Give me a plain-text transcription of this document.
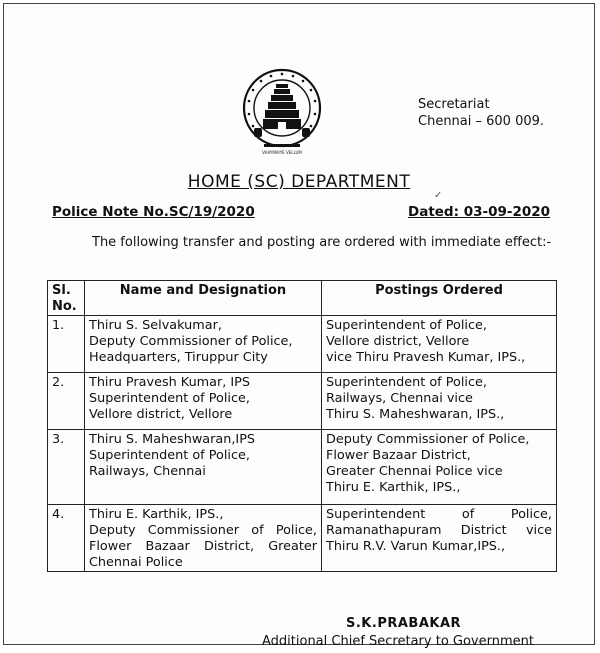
VAAYMAIYE VELLUM
Secretariat
Chennai – 600 009.
HOME (SC) DEPARTMENT
✓
Police Note No.SC/19/2020	Dated: 03-09-2020
The following transfer and posting are ordered with immediate effect:-
Sl.
No.	Name and Designation	Postings Ordered
1.	Thiru S. Selvakumar,
Deputy Commissioner of Police,
Headquarters, Tiruppur City	Superintendent of Police,
Vellore district, Vellore
vice Thiru Pravesh Kumar, IPS.,

2.	Thiru Pravesh Kumar, IPS
Superintendent of Police,
Vellore district, Vellore	Superintendent of Police,
Railways, Chennai vice
Thiru S. Maheshwaran, IPS.,

3.	Thiru S. Maheshwaran,IPS
Superintendent of Police,
Railways, Chennai	Deputy Commissioner of Police,
Flower Bazaar District,
Greater Chennai Police vice
Thiru E. Karthik, IPS.,

4.	Thiru E. Karthik, IPS.,
Deputy Commissioner of Police,
Flower Bazaar District, Greater
Chennai Police	Superintendent of Police,
Ramanathapuram District vice
Thiru R.V. Varun Kumar,IPS.,
S.K.PRABAKAR
Additional Chief Secretary to Government
